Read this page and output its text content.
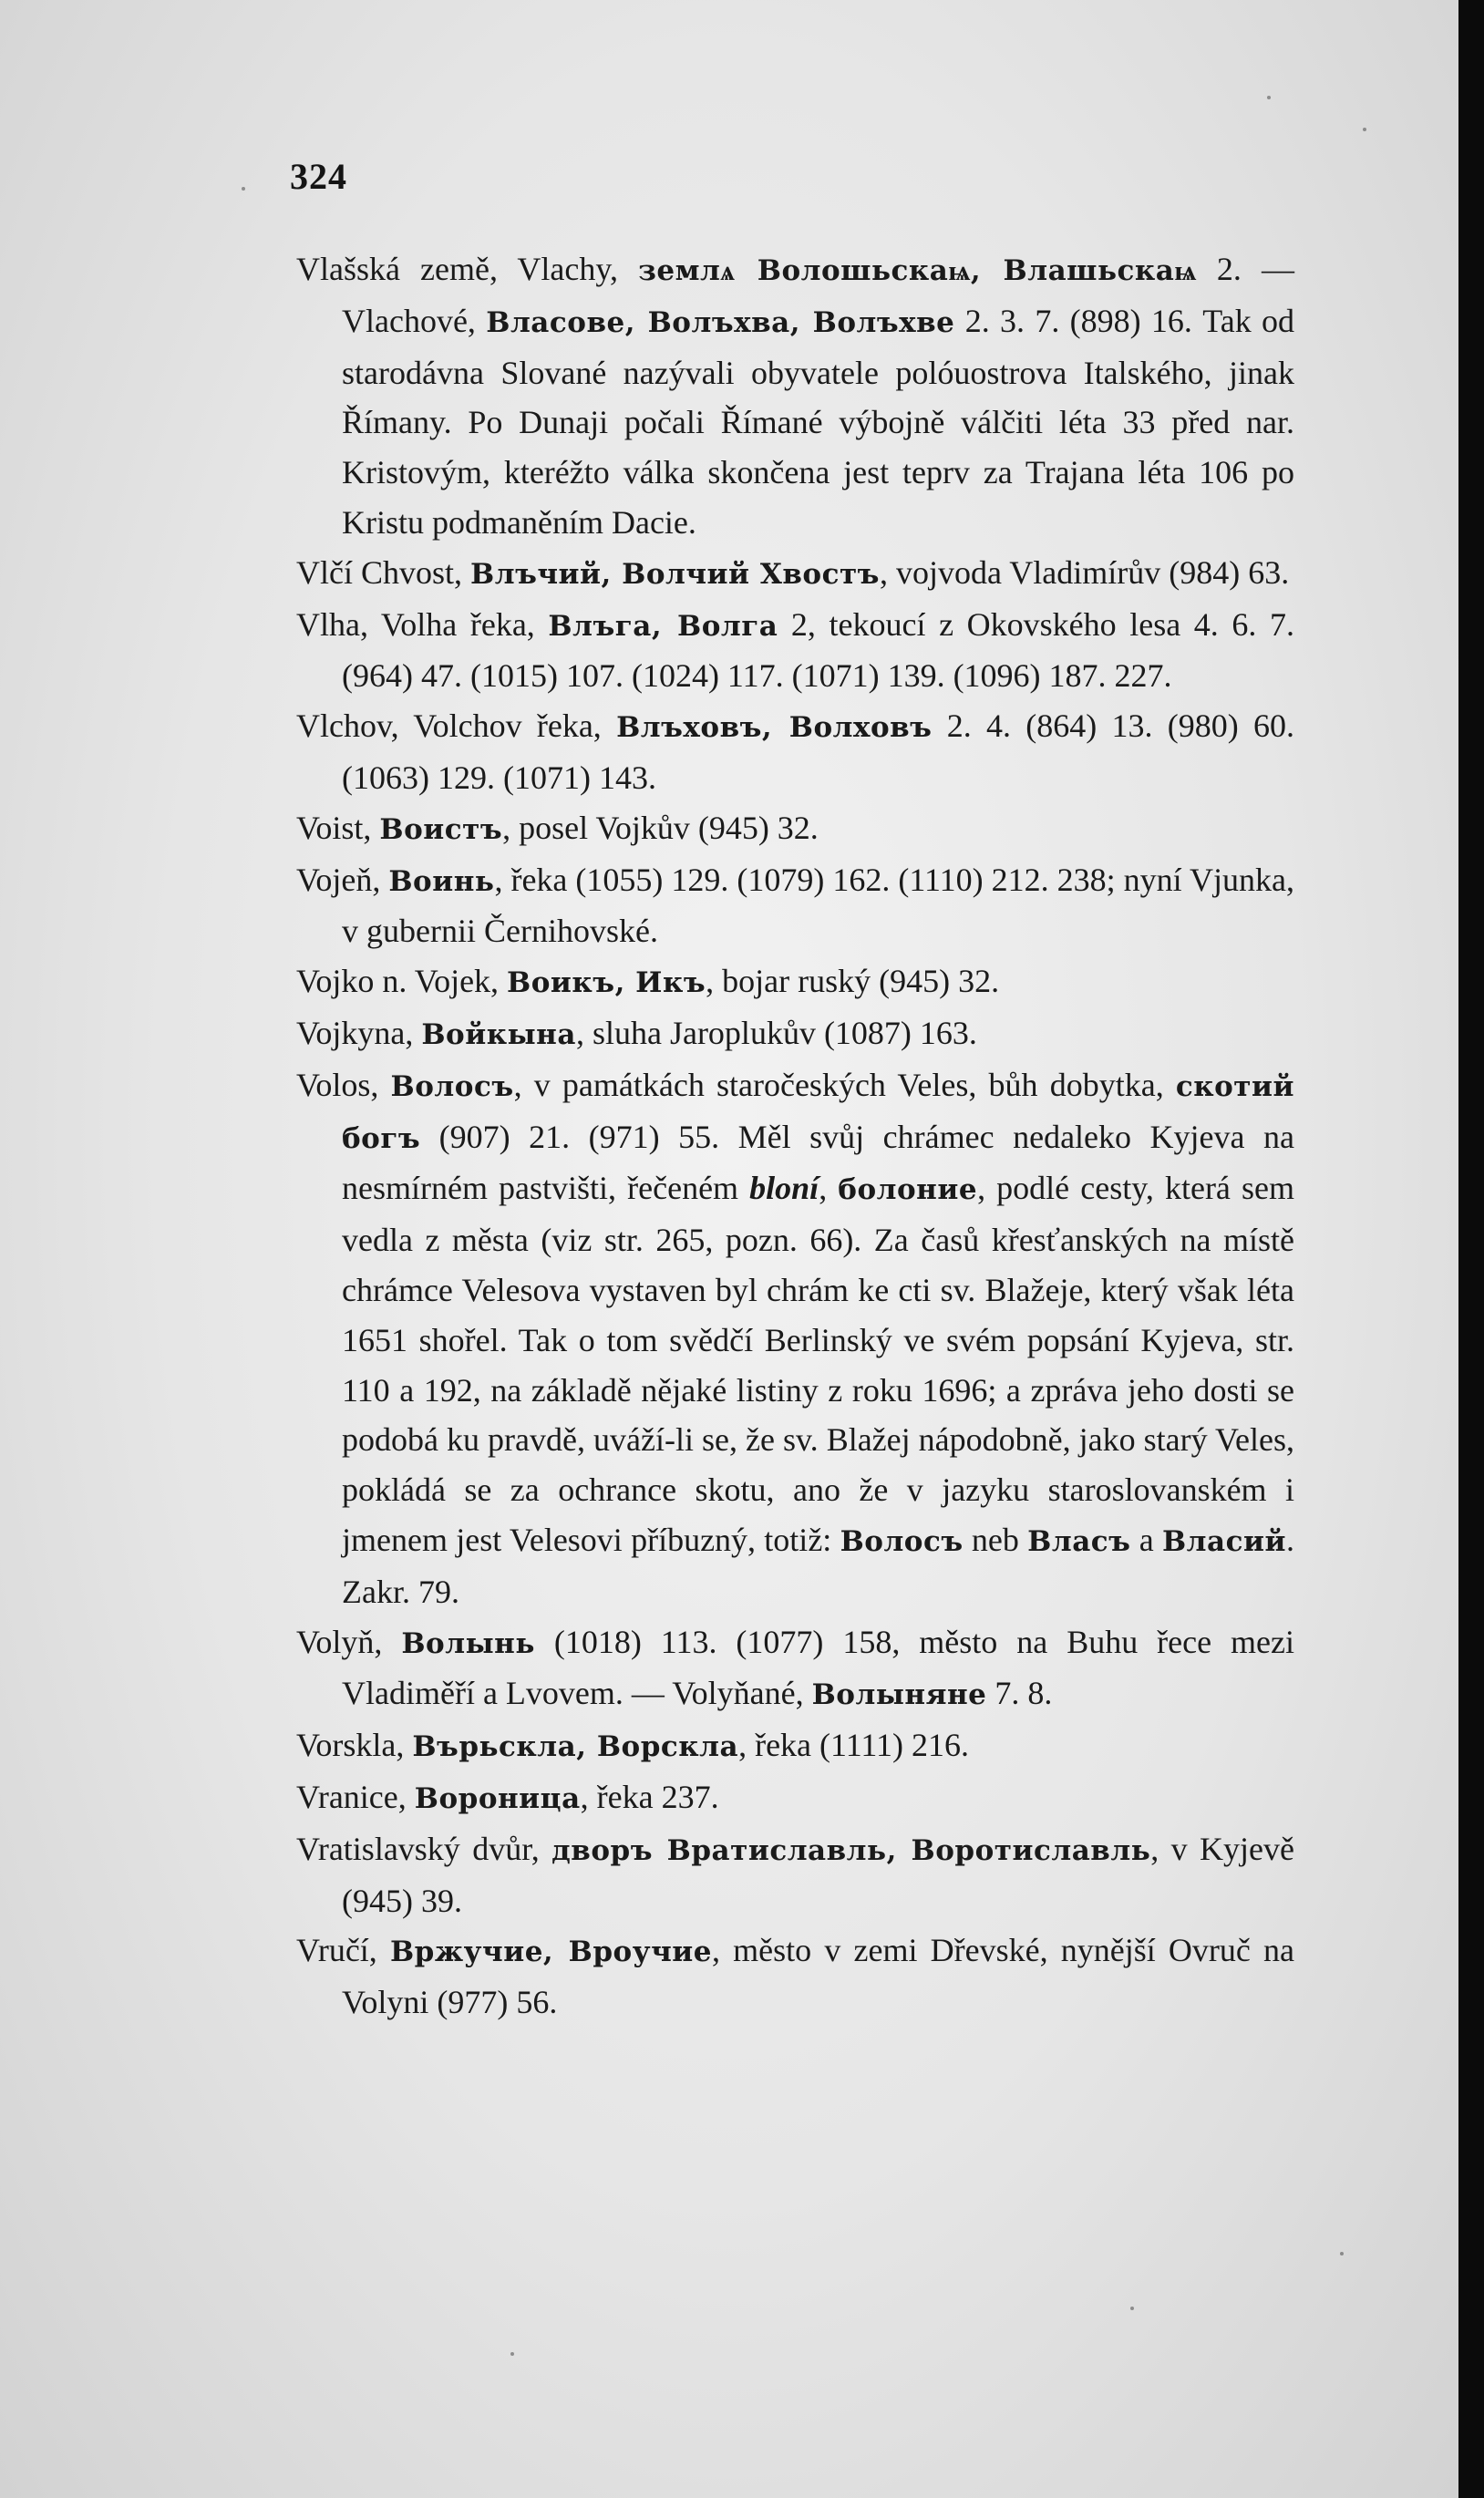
324

Vlašská země, Vlachy, землѧ Волошьскаѩ, Влашьскаѩ 2. — Vlachové, Власове, Волъхва, Волъхве 2. 3. 7. (898) 16. Tak od starodávna Slované nazývali obyvatele polóuostrova Italského, jinak Římany. Po Dunaji počali Římané výbojně válčiti léta 33 před nar. Kristovým, kteréžto válka skončena jest teprv za Trajana léta 106 po Kristu podmaněním Dacie.

Vlčí Chvost, Влъчий, Волчий Хвостъ, vojvoda Vladimírův (984) 63.

Vlha, Volha řeka, Влъга, Волга 2, tekoucí z Okovského lesa 4. 6. 7. (964) 47. (1015) 107. (1024) 117. (1071) 139. (1096) 187. 227.

Vlchov, Volchov řeka, Влъховъ, Волховъ 2. 4. (864) 13. (980) 60. (1063) 129. (1071) 143.

Voist, Воистъ, posel Vojkův (945) 32.

Vojeň, Воинь, řeka (1055) 129. (1079) 162. (1110) 212. 238; nyní Vjunka, v gubernii Černihovské.

Vojko n. Vojek, Воикъ, Икъ, bojar ruský (945) 32.

Vojkyna, Войкына, sluha Jaroplukův (1087) 163.

Volos, Волосъ, v památkách staročeských Veles, bůh dobytka, скотий богъ (907) 21. (971) 55. Měl svůj chrámec nedaleko Kyjeva na nesmírném pastvišti, řečeném bloní, болоние, podlé cesty, která sem vedla z města (viz str. 265, pozn. 66). Za časů křesťanských na místě chrámce Velesova vystaven byl chrám ke cti sv. Blažeje, který však léta 1651 shořel. Tak o tom svědčí Berlinský ve svém popsání Kyjeva, str. 110 a 192, na základě nějaké listiny z roku 1696; a zpráva jeho dosti se podobá ku pravdě, uváží-li se, že sv. Blažej nápodobně, jako starý Veles, pokládá se za ochrance skotu, ano že v jazyku staroslovanském i jmenem jest Velesovi příbuzný, totiž: Волосъ neb Власъ a Власий. Zakr. 79.

Volyň, Волынь (1018) 113. (1077) 158, město na Buhu řece mezi Vladiměří a Lvovem. — Volyňané, Волыняне 7. 8.

Vorskla, Върьскла, Ворскла, řeka (1111) 216.

Vranice, Вороница, řeka 237.

Vratislavský dvůr, дворъ Вратиславль, Воротиславль, v Kyjevě (945) 39.

Vručí, Вржучие, Вроучие, město v zemi Dřevské, nynější Ovruč na Volyni (977) 56.
